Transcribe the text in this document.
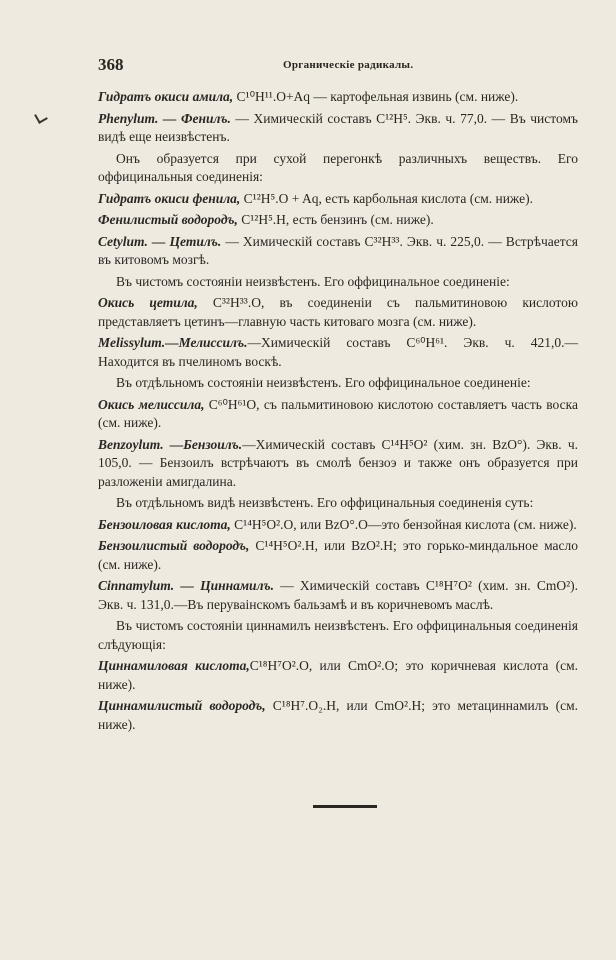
368	Органическіе радикалы.

Гидратъ окиси амила, C¹⁰H¹¹.O+Aq — картофельная извинь (см. ниже).

Phenylum. — Фенилъ. — Химическій составъ C¹²H⁵. Экв. ч. 77,0. — Въ чистомъ видѣ еще неизвѣстенъ.

Онъ образуется при сухой перегонкѣ различныхъ веществъ. Его оффицинальныя соединенія:

Гидратъ окиси фенила, C¹²H⁵.O + Aq, есть карбольная кислота (см. ниже).

Фенилистый водородъ, C¹²H⁵.H, есть бензинъ (см. ниже).

Cetylum. — Цетилъ. — Химическій составъ C³²H³³. Экв. ч. 225,0. — Встрѣчается въ китовомъ мозгѣ.

Въ чистомъ состояніи неизвѣстенъ. Его оффицинальное соединеніе:

Окись цетила, C³²H³³.O, въ соединеніи съ пальмитиновою кислотою представляетъ цетинъ—главную часть китоваго мозга (см. ниже).

Melissylum.—Мелиссилъ.—Химическій составъ C⁶⁰H⁶¹. Экв. ч. 421,0.— Находится въ пчелиномъ воскѣ.

Въ отдѣльномъ состояніи неизвѣстенъ. Его оффицинальное соединеніе:

Окись мелиссила, C⁶⁰H⁶¹O, съ пальмитиновою кислотою составляетъ часть воска (см. ниже).

Benzoylum. —Бензоилъ.—Химическій составъ C¹⁴H⁵O² (хим. зн. BzO°). Экв. ч. 105,0. — Бензоилъ встрѣчаютъ въ смолѣ бензоэ и также онъ образуется при разложеніи амигдалина.

Въ отдѣльномъ видѣ неизвѣстенъ. Его оффицинальныя соединенія суть:

Бензоиловая кислота, C¹⁴H⁵O².O, или BzO°.O—это бензойная кислота (см. ниже).

Бензоилистый водородъ, C¹⁴H⁵O².H, или BzO².H; это горько-миндальное масло (см. ниже).

Cinnamylum. — Циннамилъ. — Химическій составъ C¹⁸H⁷O² (хим. зн. CmO²). Экв. ч. 131,0.—Въ перуваінскомъ бальзамѣ и въ коричневомъ маслѣ.

Въ чистомъ состояніи циннамилъ неизвѣстенъ. Его оффицинальныя соединенія слѣдующія:

Циннамиловая кислота,C¹⁸H⁷O².O, или CmO².O; это коричневая кислота (см. ниже).

Циннамилистый водородъ, C¹⁸H⁷.O₂.H, или CmO².H; это метациннамилъ (см. ниже).
